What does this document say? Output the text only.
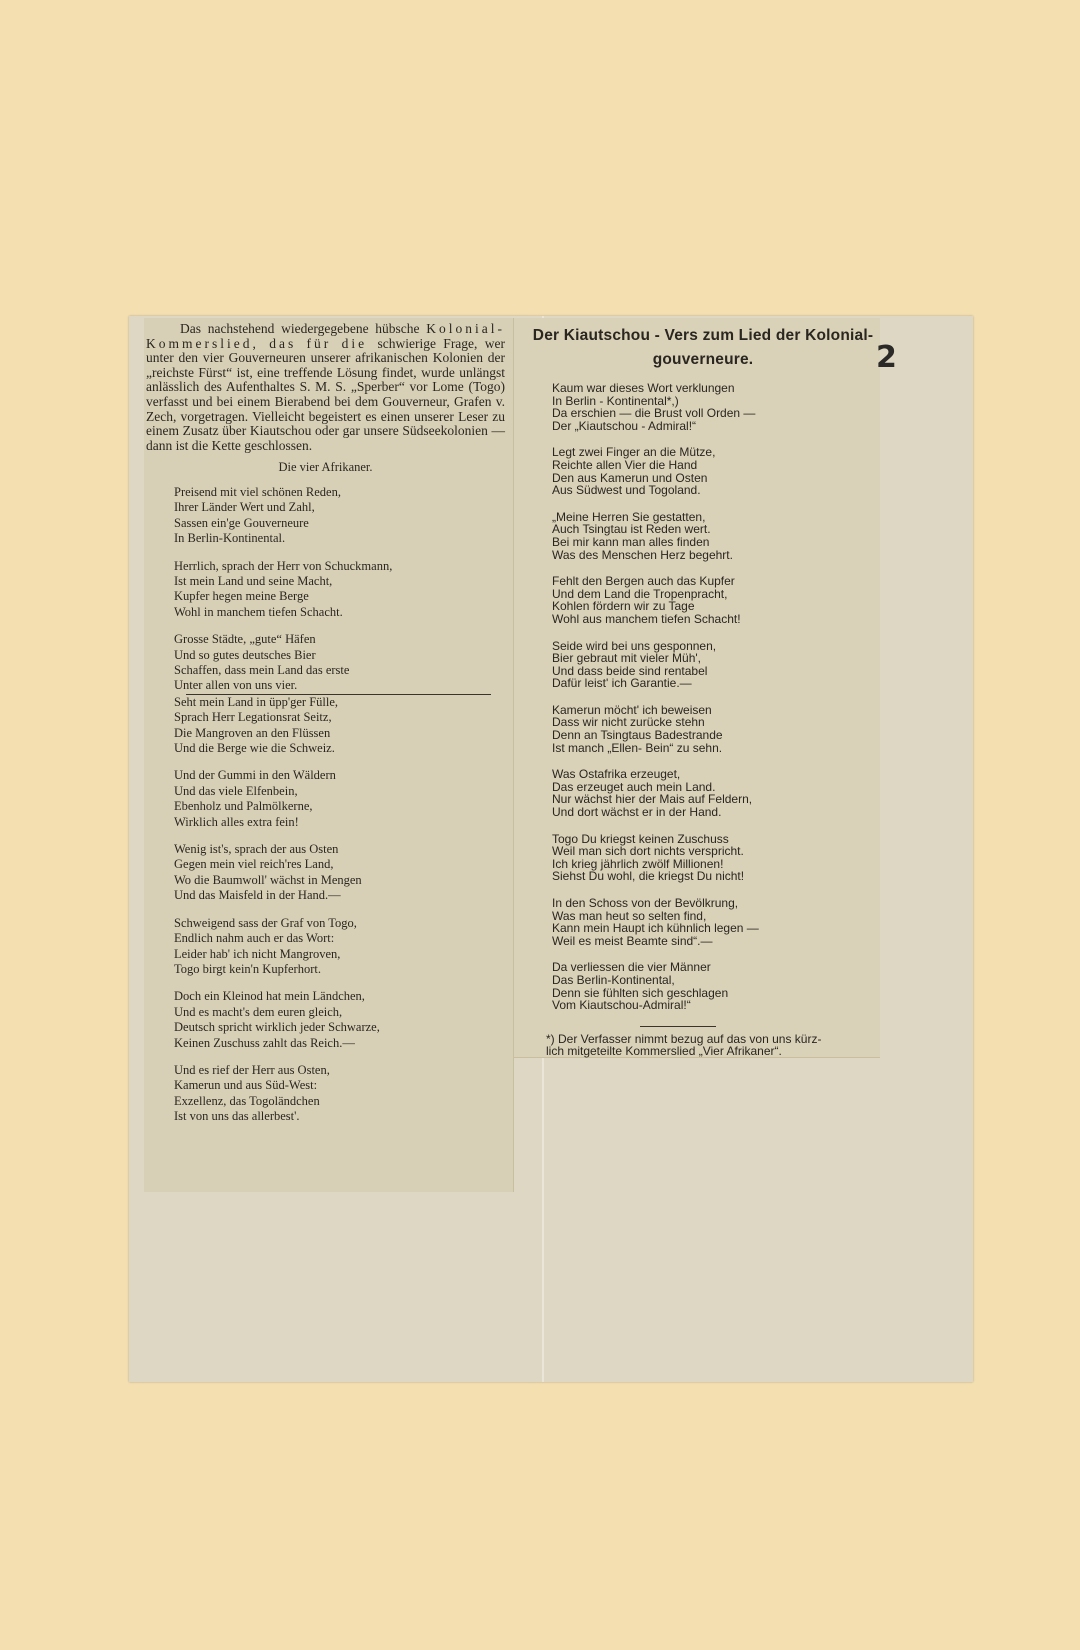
Das nachstehend wiedergegebene hübsche Kolonial-Kommerslied, das für die schwierige Frage, wer unter den vier Gouverneuren unserer afrikanischen Kolonien der „reichste Fürst“ ist, eine treffende Lösung findet, wurde unlängst anlässlich des Aufenthaltes S. M. S. „Sperber“ vor Lome (Togo) verfasst und bei einem Bierabend bei dem Gouverneur, Grafen v. Zech, vorgetragen. Vielleicht begeistert es einen unserer Leser zu einem Zusatz über Kiautschou oder gar unsere Südseekolonien — dann ist die Kette geschlossen.

Die vier Afrikaner.
Preisend mit viel schönen Reden,
Ihrer Länder Wert und Zahl,
Sassen ein'ge Gouverneure
In Berlin-Kontinental.
Herrlich, sprach der Herr von Schuckmann,
Ist mein Land und seine Macht,
Kupfer hegen meine Berge
Wohl in manchem tiefen Schacht.
Grosse Städte, „gute“ Häfen
Und so gutes deutsches Bier
Schaffen, dass mein Land das erste
Unter allen von uns vier.
Seht mein Land in üpp'ger Fülle,
Sprach Herr Legationsrat Seitz,
Die Mangroven an den Flüssen
Und die Berge wie die Schweiz.
Und der Gummi in den Wäldern
Und das viele Elfenbein,
Ebenholz und Palmölkerne,
Wirklich alles extra fein!
Wenig ist's, sprach der aus Osten
Gegen mein viel reich'res Land,
Wo die Baumwoll' wächst in Mengen
Und das Maisfeld in der Hand.—
Schweigend sass der Graf von Togo,
Endlich nahm auch er das Wort:
Leider hab' ich nicht Mangroven,
Togo birgt kein'n Kupferhort.
Doch ein Kleinod hat mein Ländchen,
Und es macht's dem euren gleich,
Deutsch spricht wirklich jeder Schwarze,
Keinen Zuschuss zahlt das Reich.—
Und es rief der Herr aus Osten,
Kamerun und aus Süd-West:
Exzellenz, das Togoländchen
Ist von uns das allerbest'.
Der Kiautschou - Vers zum Lied der Kolonial-
gouverneure.
Kaum war dieses Wort verklungen
In Berlin - Kontinental*,)
Da erschien — die Brust voll Orden —
Der „Kiautschou - Admiral!“
Legt zwei Finger an die Mütze,
Reichte allen Vier die Hand
Den aus Kamerun und Osten
Aus Südwest und Togoland.
„Meine Herren Sie gestatten,
Auch Tsingtau ist Reden wert.
Bei mir kann man alles finden
Was des Menschen Herz begehrt.
Fehlt den Bergen auch das Kupfer
Und dem Land die Tropenpracht,
Kohlen fördern wir zu Tage
Wohl aus manchem tiefen Schacht!
Seide wird bei uns gesponnen,
Bier gebraut mit vieler Müh',
Und dass beide sind rentabel
Dafür leist' ich Garantie.—
Kamerun möcht' ich beweisen
Dass wir nicht zurücke stehn
Denn an Tsingtaus Badestrande
Ist manch „Ellen- Bein“ zu sehn.
Was Ostafrika erzeuget,
Das erzeuget auch mein Land.
Nur wächst hier der Mais auf Feldern,
Und dort wächst er in der Hand.
Togo Du kriegst keinen Zuschuss
Weil man sich dort nichts verspricht.
Ich krieg jährlich zwölf Millionen!
Siehst Du wohl, die kriegst Du nicht!
In den Schoss von der Bevölkrung,
Was man heut so selten find,
Kann mein Haupt ich kühnlich legen —
Weil es meist Beamte sind“.—
Da verliessen die vier Männer
Das Berlin-Kontinental,
Denn sie fühlten sich geschlagen
Vom Kiautschou-Admiral!“
*) Der Verfasser nimmt bezug auf das von uns kürz-
lich mitgeteilte Kommerslied „Vier Afrikaner“.
2
